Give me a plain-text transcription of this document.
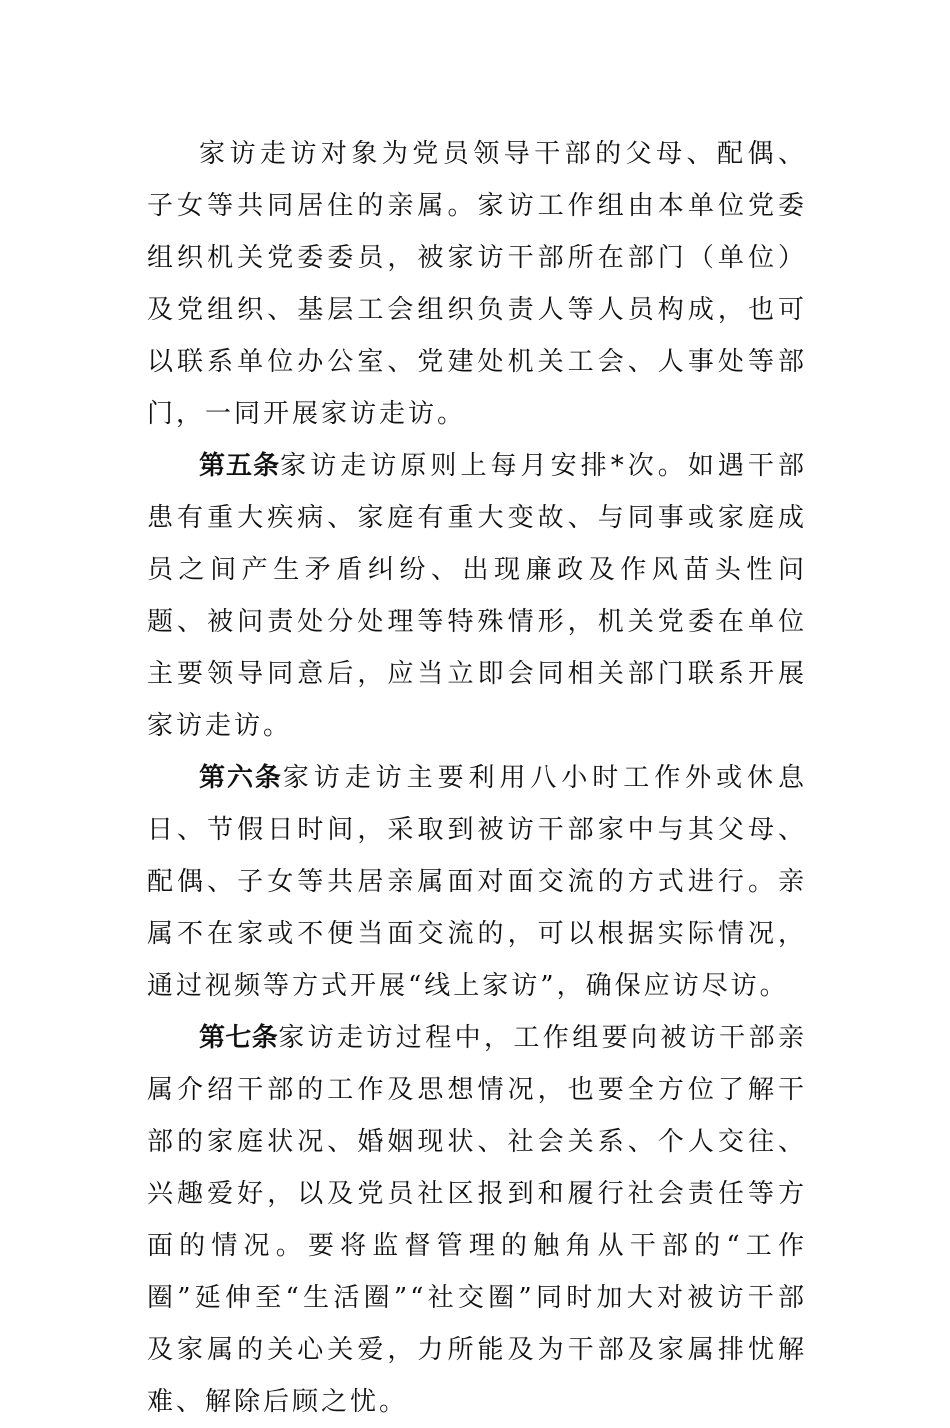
家访走访对象为党员领导干部的父母、配偶、子女等共同居住的亲属。家访工作组由本单位党委组织机关党委委员，被家访干部所在部门（单位）及党组织、基层工会组织负责人等人员构成，也可以联系单位办公室、党建处机关工会、人事处等部门，一同开展家访走访。

第五条家访走访原则上每月安排*次。如遇干部患有重大疾病、家庭有重大变故、与同事或家庭成员之间产生矛盾纠纷、出现廉政及作风苗头性问题、被问责处分处理等特殊情形，机关党委在单位主要领导同意后，应当立即会同相关部门联系开展家访走访。

第六条家访走访主要利用八小时工作外或休息日、节假日时间，采取到被访干部家中与其父母、配偶、子女等共居亲属面对面交流的方式进行。亲属不在家或不便当面交流的，可以根据实际情况，通过视频等方式开展“线上家访”，确保应访尽访。

第七条家访走访过程中，工作组要向被访干部亲属介绍干部的工作及思想情况，也要全方位了解干部的家庭状况、婚姻现状、社会关系、个人交往、兴趣爱好，以及党员社区报到和履行社会责任等方面的情况。要将监督管理的触角从干部的“工作圈”延伸至“生活圈”“社交圈”同时加大对被访干部及家属的关心关爱，力所能及为干部及家属排忧解难、解除后顾之忧。
